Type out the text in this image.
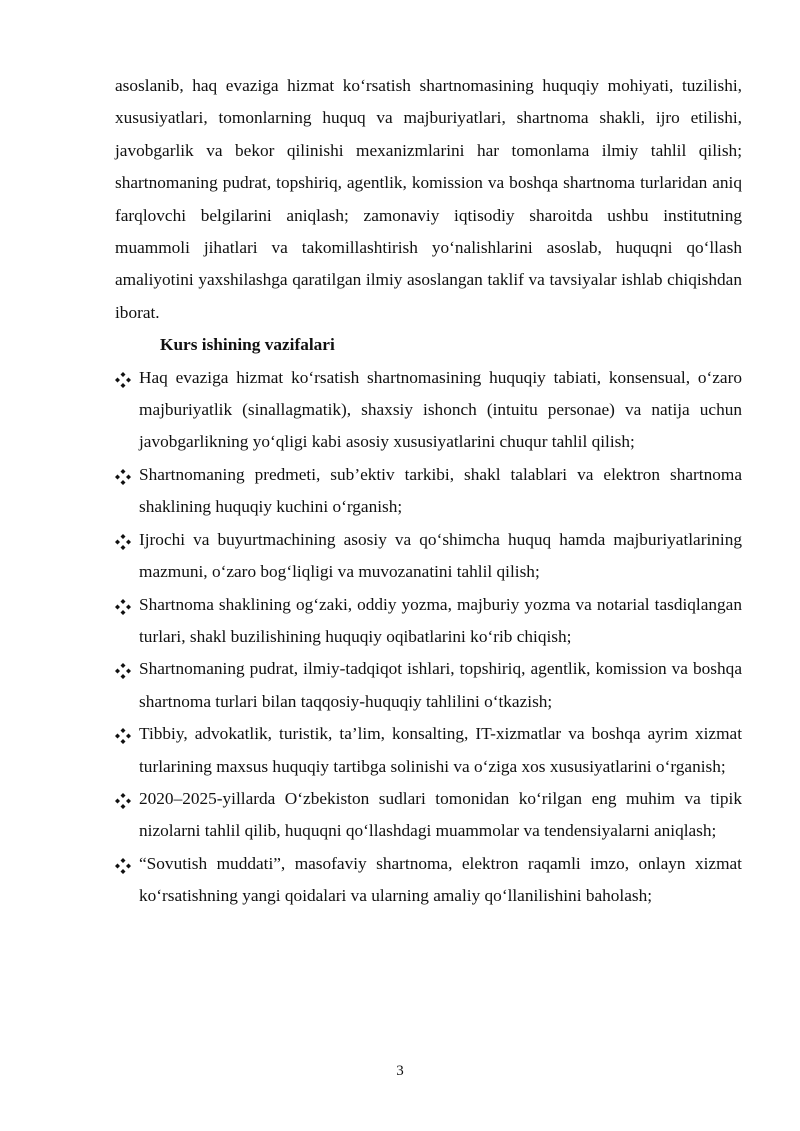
asoslanib, haq evaziga hizmat ko‘rsatish shartnomasining huquqiy mohiyati, tuzilishi, xususiyatlari, tomonlarning huquq va majburiyatlari, shartnoma shakli, ijro etilishi, javobgarlik va bekor qilinishi mexanizmlarini har tomonlama ilmiy tahlil qilish; shartnomaning pudrat, topshiriq, agentlik, komission va boshqa shartnoma turlaridan aniq farqlovchi belgilarini aniqlash; zamonaviy iqtisodiy sharoitda ushbu institutning muammoli jihatlari va takomillashtirish yo‘nalishlarini asoslab, huquqni qo‘llash amaliyotini yaxshilashga qaratilgan ilmiy asoslangan taklif va tavsiyalar ishlab chiqishdan iborat.

Kurs ishining vazifalari

Haq evaziga hizmat ko‘rsatish shartnomasining huquqiy tabiati, konsensual, o‘zaro majburiyatlik (sinallagmatik), shaxsiy ishonch (intuitu personae) va natija uchun javobgarlikning yo‘qligi kabi asosiy xususiyatlarini chuqur tahlil qilish;
Shartnomaning predmeti, sub’ektiv tarkibi, shakl talablari va elektron shartnoma shaklining huquqiy kuchini o‘rganish;
Ijrochi va buyurtmachining asosiy va qo‘shimcha huquq hamda majburiyatlarining mazmuni, o‘zaro bog‘liqligi va muvozanatini tahlil qilish;
Shartnoma shaklining og‘zaki, oddiy yozma, majburiy yozma va notarial tasdiqlangan turlari, shakl buzilishining huquqiy oqibatlarini ko‘rib chiqish;
Shartnomaning pudrat, ilmiy-tadqiqot ishlari, topshiriq, agentlik, komission va boshqa shartnoma turlari bilan taqqosiy-huquqiy tahlilini o‘tkazish;
Tibbiy, advokatlik, turistik, ta’lim, konsalting, IT-xizmatlar va boshqa ayrim xizmat turlarining maxsus huquqiy tartibga solinishi va o‘ziga xos xususiyatlarini o‘rganish;
2020–2025-yillarda O‘zbekiston sudlari tomonidan ko‘rilgan eng muhim va tipik nizolarni tahlil qilib, huquqni qo‘llashdagi muammolar va tendensiyalarni aniqlash;
“Sovutish muddati”, masofaviy shartnoma, elektron raqamli imzo, onlayn xizmat ko‘rsatishning yangi qoidalari va ularning amaliy qo‘llanilishini baholash;
3
